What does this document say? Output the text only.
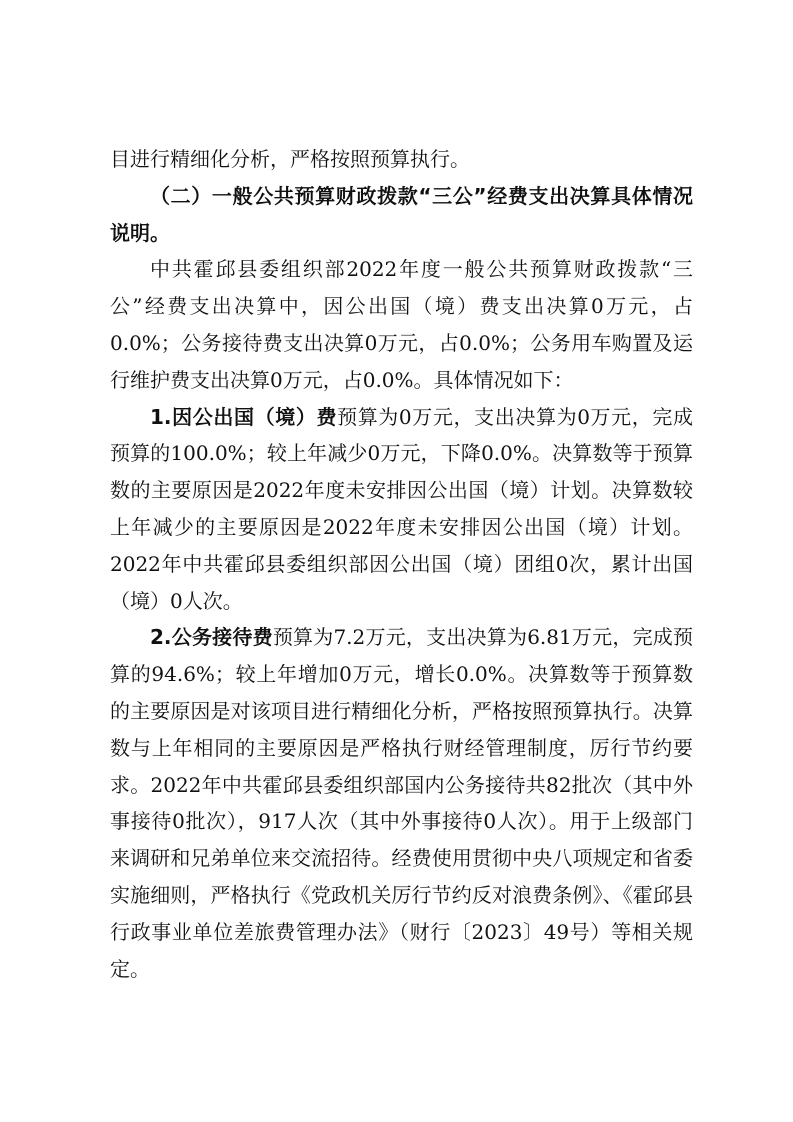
目进行精细化分析，严格按照预算执行。

（二）一般公共预算财政拨款“三公”经费支出决算具体情况说明。

中共霍邱县委组织部2022年度一般公共预算财政拨款“三公”经费支出决算中，因公出国（境）费支出决算0万元，占0.0%；公务接待费支出决算0万元，占0.0%；公务用车购置及运行维护费支出决算0万元，占0.0%。具体情况如下：

1.因公出国（境）费预算为0万元，支出决算为0万元，完成预算的100.0%；较上年减少0万元，下降0.0%。决算数等于预算数的主要原因是2022年度未安排因公出国（境）计划。决算数较上年减少的主要原因是2022年度未安排因公出国（境）计划。2022年中共霍邱县委组织部因公出国（境）团组0次，累计出国（境）0人次。

2.公务接待费预算为7.2万元，支出决算为6.81万元，完成预算的94.6%；较上年增加0万元，增长0.0%。决算数等于预算数的主要原因是对该项目进行精细化分析，严格按照预算执行。决算数与上年相同的主要原因是严格执行财经管理制度，厉行节约要求。2022年中共霍邱县委组织部国内公务接待共82批次（其中外事接待0批次），917人次（其中外事接待0人次）。用于上级部门来调研和兄弟单位来交流招待。经费使用贯彻中央八项规定和省委实施细则，严格执行《党政机关厉行节约反对浪费条例》、《霍邱县行政事业单位差旅费管理办法》（财行〔2023〕49号）等相关规定。
